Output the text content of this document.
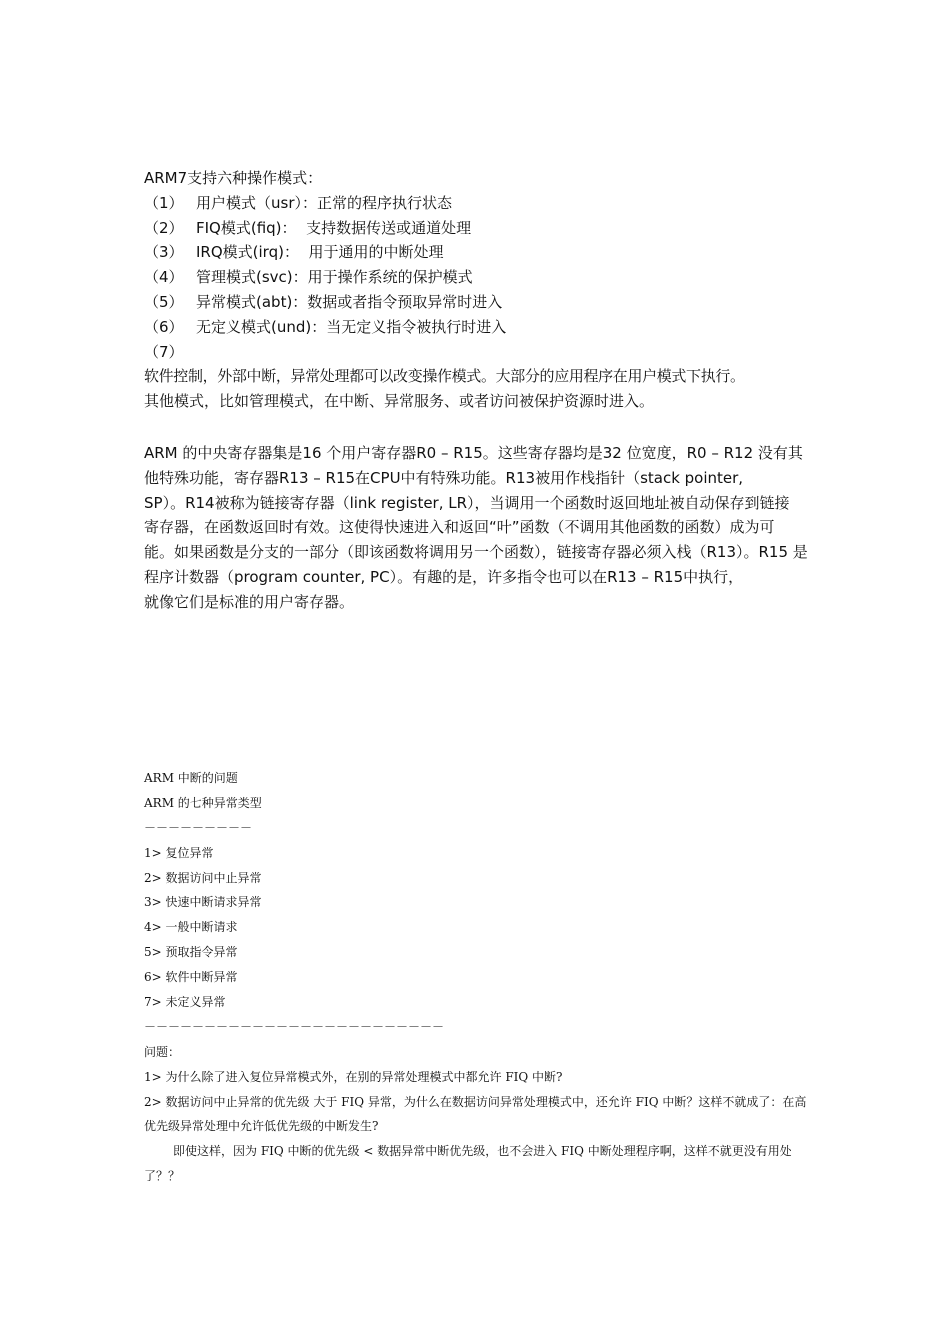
ARM7支持六种操作模式：
（1） 用户模式（usr）：正常的程序执行状态
（2） FIQ模式(fiq)：  支持数据传送或通道处理
（3） IRQ模式(irq)：  用于通用的中断处理
（4） 管理模式(svc)：用于操作系统的保护模式
（5） 异常模式(abt)：数据或者指令预取异常时进入
（6） 无定义模式(und)：当无定义指令被执行时进入
（7）
软件控制，外部中断，异常处理都可以改变操作模式。大部分的应用程序在用户模式下执行。
其他模式，比如管理模式，在中断、异常服务、或者访问被保护资源时进入。
ARM 的中央寄存器集是16 个用户寄存器R0 – R15。这些寄存器均是32 位宽度，R0 – R12 没有其他特殊功能，寄存器R13 – R15在CPU中有特殊功能。R13被用作栈指针（stack pointer,
SP）。R14被称为链接寄存器（link register, LR），当调用一个函数时返回地址被自动保存到链接
寄存器，在函数返回时有效。这使得快速进入和返回“叶”函数（不调用其他函数的函数）成为可
能。如果函数是分支的一部分（即该函数将调用另一个函数），链接寄存器必须入栈（R13）。R15 是程序计数器（program counter, PC）。有趣的是，许多指令也可以在R13 – R15中执行，
就像它们是标准的用户寄存器。
ARM 中断的问题
ARM 的七种异常类型
－－－－－－－－－
1> 复位异常
2> 数据访问中止异常
3> 快速中断请求异常
4> 一般中断请求
5> 预取指令异常
6> 软件中断异常
7> 未定义异常
－－－－－－－－－－－－－－－－－－－－－－－－－
问题：
1> 为什么除了进入复位异常模式外，在别的异常处理模式中都允许 FIQ 中断?
2> 数据访问中止异常的优先级 大于 FIQ 异常，为什么在数据访问异常处理模式中，还允许 FIQ 中断？这样不就成了：在高优先级异常处理中允许低优先级的中断发生?
即使这样，因为 FIQ 中断的优先级 < 数据异常中断优先级，也不会进入 FIQ 中断处理程序啊，这样不就更没有用处了？？
